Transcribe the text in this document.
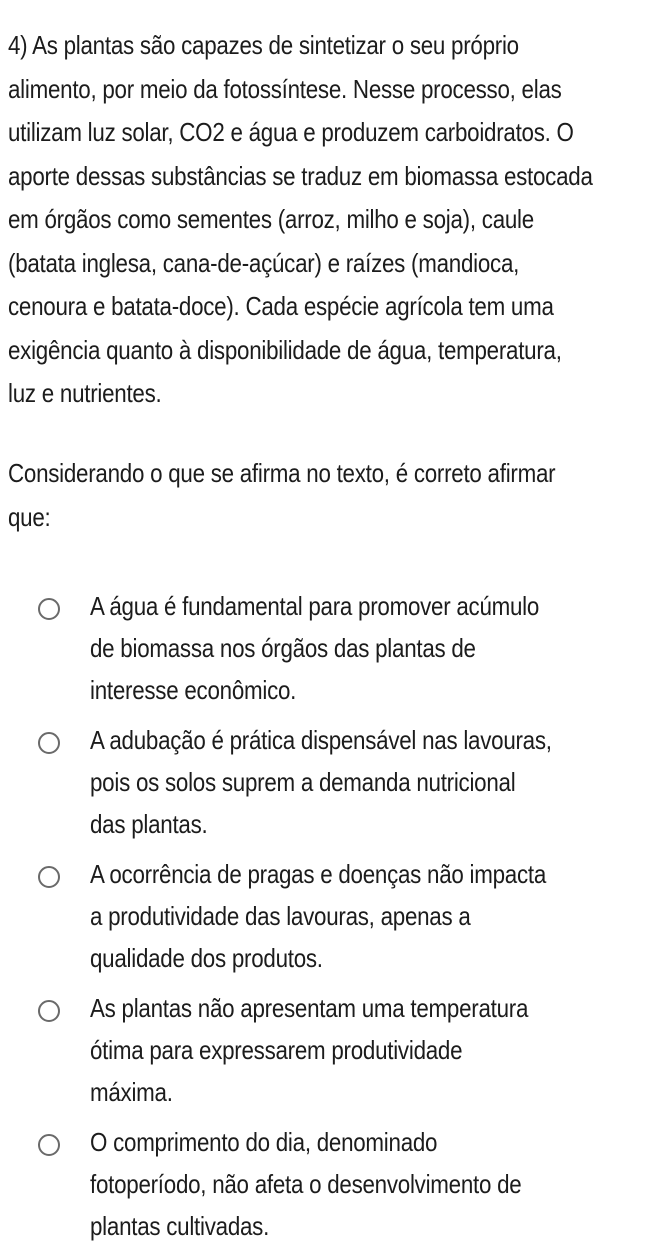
4) As plantas são capazes de sintetizar o seu próprio
alimento, por meio da fotossíntese. Nesse processo, elas
utilizam luz solar, CO2 e água e produzem carboidratos. O
aporte dessas substâncias se traduz em biomassa estocada
em órgãos como sementes (arroz, milho e soja), caule
(batata inglesa, cana-de-açúcar) e raízes (mandioca,
cenoura e batata-doce). Cada espécie agrícola tem uma
exigência quanto à disponibilidade de água, temperatura,
luz e nutrientes.
Considerando o que se afirma no texto, é correto afirmar
que:
A água é fundamental para promover acúmulo
de biomassa nos órgãos das plantas de
interesse econômico.
A adubação é prática dispensável nas lavouras,
pois os solos suprem a demanda nutricional
das plantas.
A ocorrência de pragas e doenças não impacta
a produtividade das lavouras, apenas a
qualidade dos produtos.
As plantas não apresentam uma temperatura
ótima para expressarem produtividade
máxima.
O comprimento do dia, denominado
fotoperíodo, não afeta o desenvolvimento de
plantas cultivadas.
